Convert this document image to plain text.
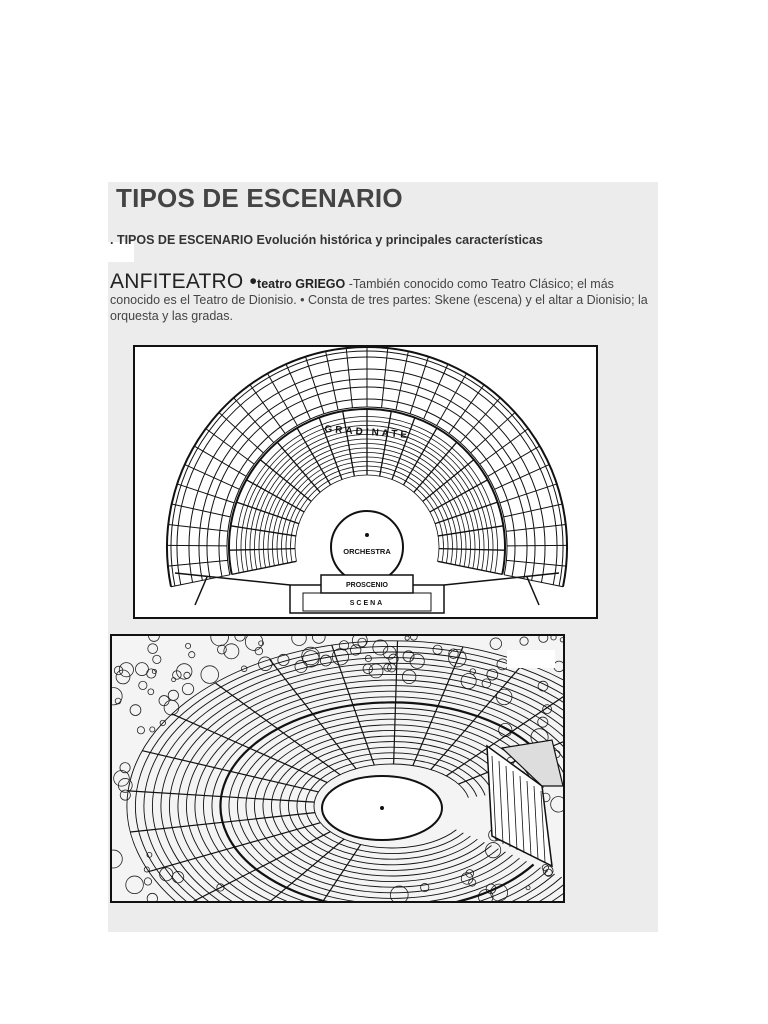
TIPOS DE ESCENARIO

. TIPOS DE ESCENARIO Evolución histórica y principales características

ANFITEATRO •teatro GRIEGO -También conocido como Teatro Clásico; el más conocido es el Teatro de Dionisio. • Consta de tres partes: Skene (escena) y el altar a Dionisio; la orquesta y las gradas.

GRADINATE
ORCHESTRA
PROSCENIO
SCENA
